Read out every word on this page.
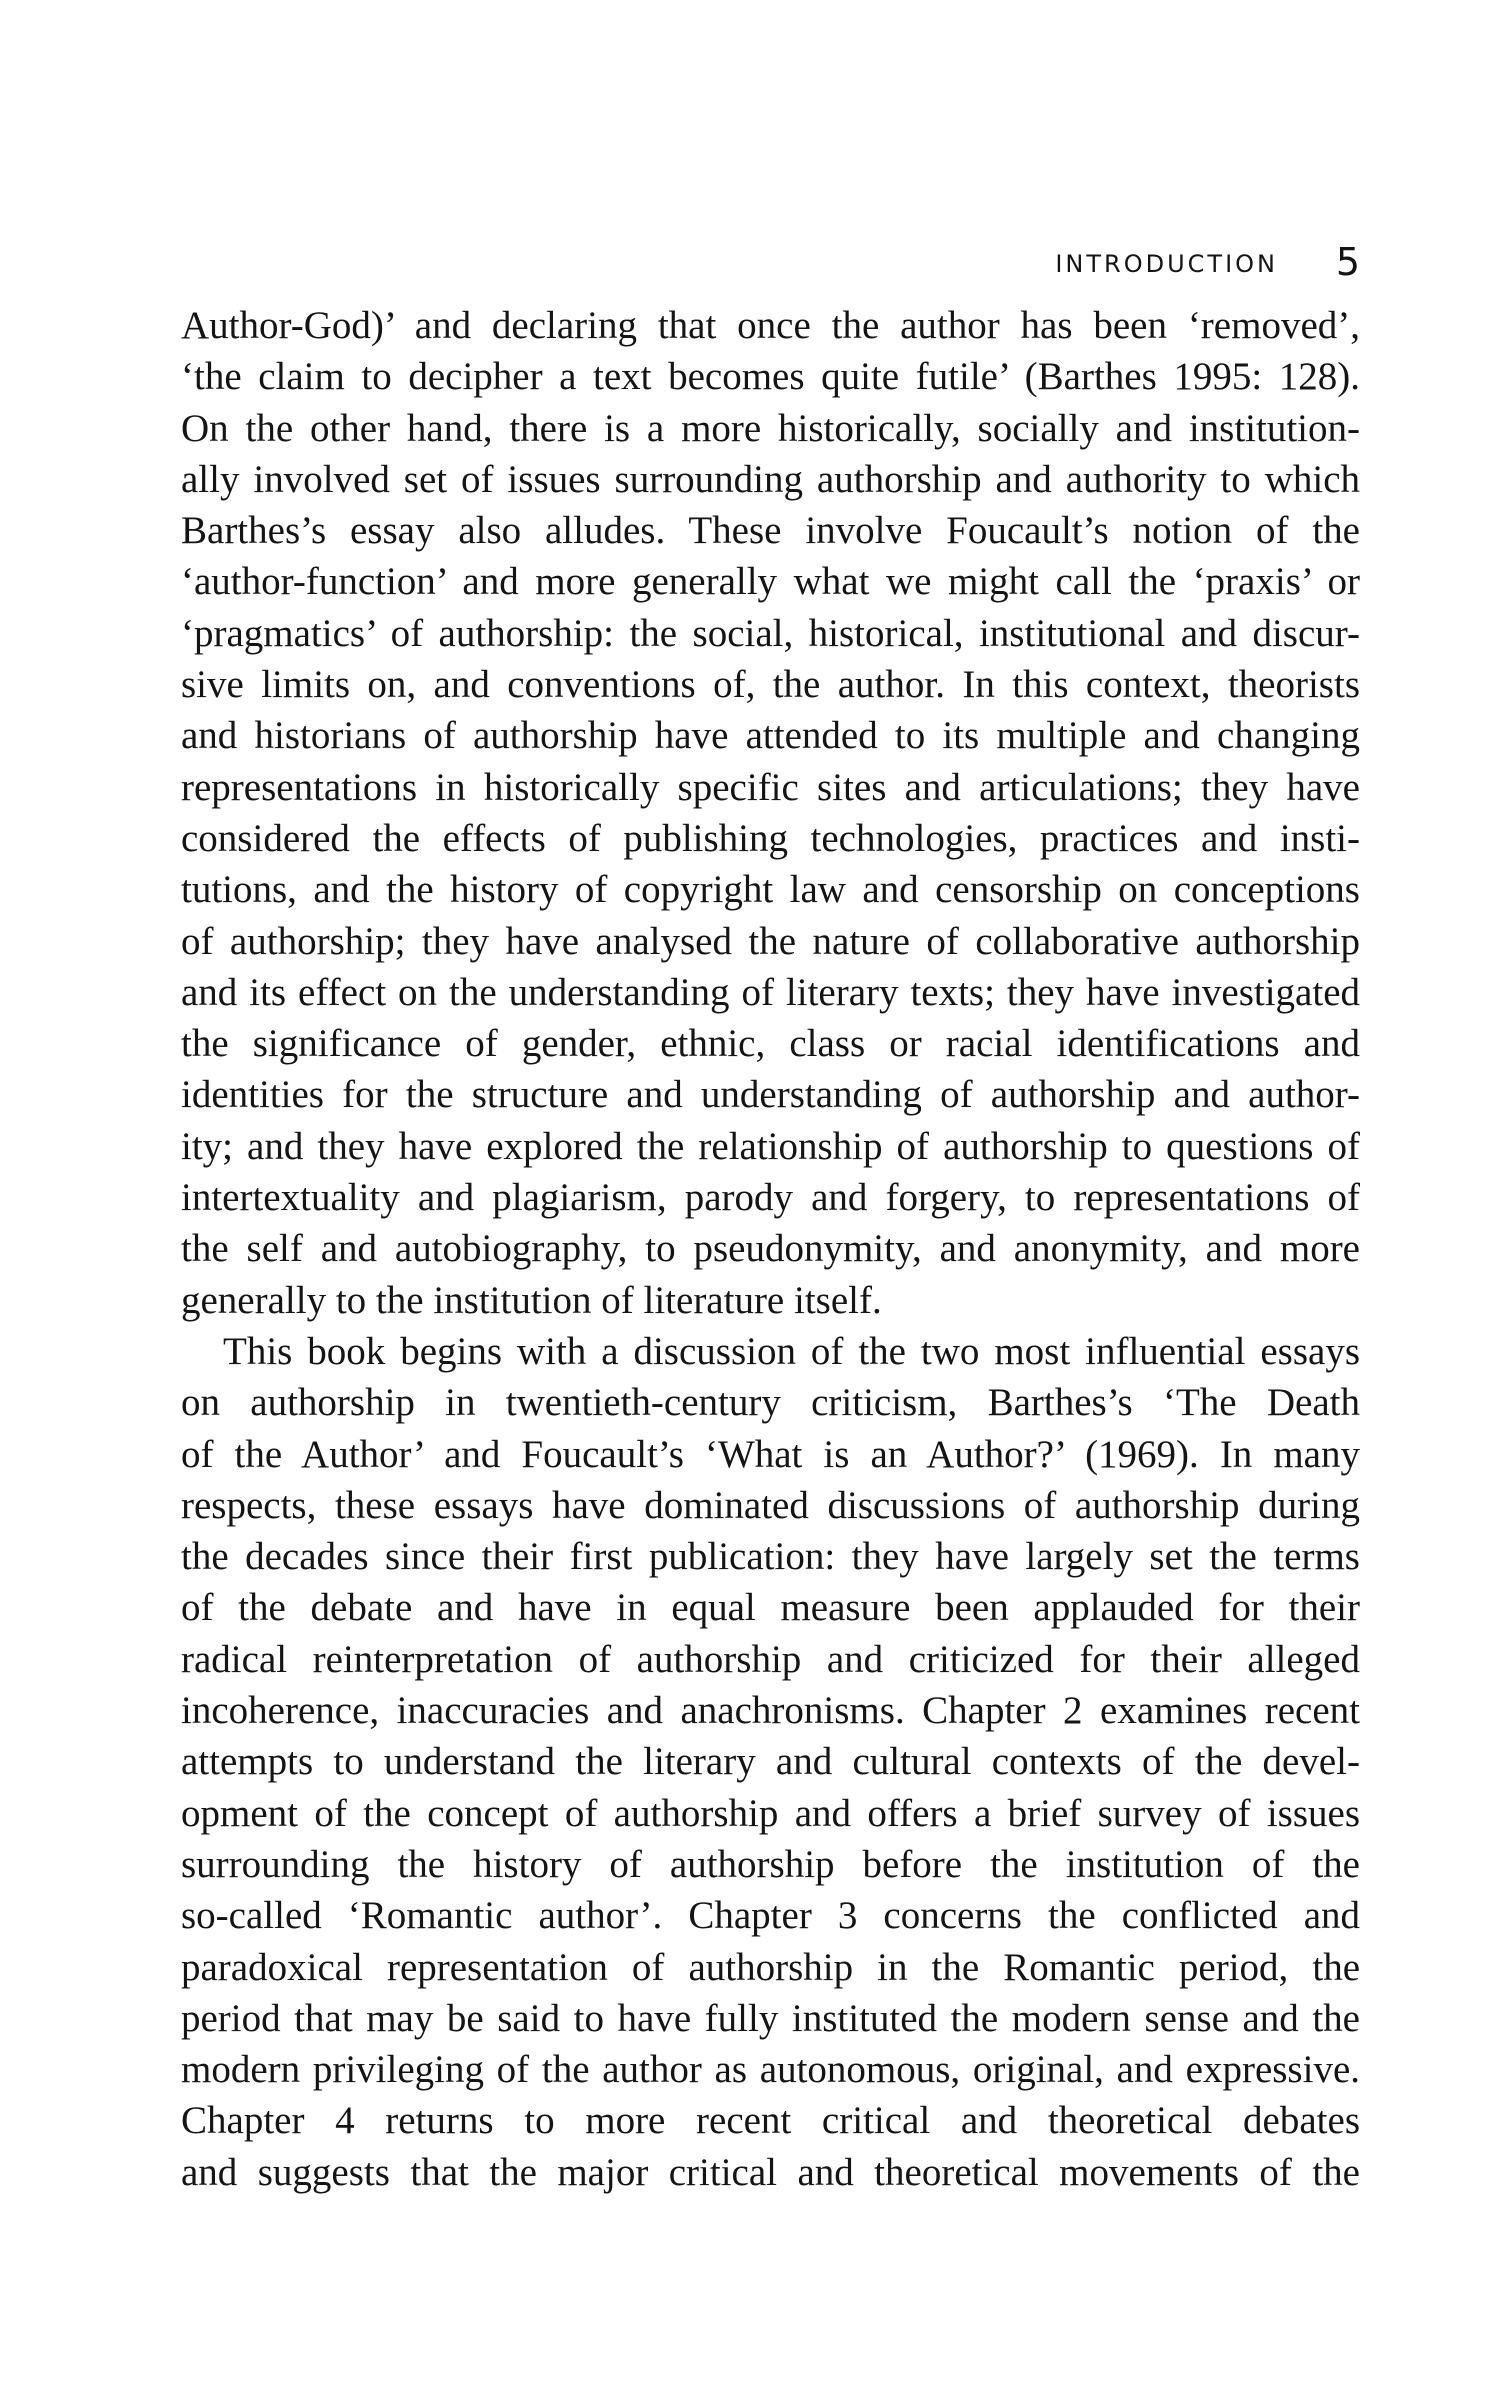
INTRODUCTION 5
Author-God)’ and declaring that once the author has been ‘removed’,
‘the claim to decipher a text becomes quite futile’ (Barthes 1995: 128).
On the other hand, there is a more historically, socially and institution-
ally involved set of issues surrounding authorship and authority to which
Barthes’s essay also alludes. These involve Foucault’s notion of the
‘author-function’ and more generally what we might call the ‘praxis’ or
‘pragmatics’ of authorship: the social, historical, institutional and discur-
sive limits on, and conventions of, the author. In this context, theorists
and historians of authorship have attended to its multiple and changing
representations in historically specific sites and articulations; they have
considered the effects of publishing technologies, practices and insti-
tutions, and the history of copyright law and censorship on conceptions
of authorship; they have analysed the nature of collaborative authorship
and its effect on the understanding of literary texts; they have investigated
the significance of gender, ethnic, class or racial identifications and
identities for the structure and understanding of authorship and author-
ity; and they have explored the relationship of authorship to questions of
intertextuality and plagiarism, parody and forgery, to representations of
the self and autobiography, to pseudonymity, and anonymity, and more
generally to the institution of literature itself.
This book begins with a discussion of the two most influential essays
on authorship in twentieth-century criticism, Barthes’s ‘The Death
of the Author’ and Foucault’s ‘What is an Author?’ (1969). In many
respects, these essays have dominated discussions of authorship during
the decades since their first publication: they have largely set the terms
of the debate and have in equal measure been applauded for their
radical reinterpretation of authorship and criticized for their alleged
incoherence, inaccuracies and anachronisms. Chapter 2 examines recent
attempts to understand the literary and cultural contexts of the devel-
opment of the concept of authorship and offers a brief survey of issues
surrounding the history of authorship before the institution of the
so-called ‘Romantic author’. Chapter 3 concerns the conflicted and
paradoxical representation of authorship in the Romantic period, the
period that may be said to have fully instituted the modern sense and the
modern privileging of the author as autonomous, original, and expressive.
Chapter 4 returns to more recent critical and theoretical debates
and suggests that the major critical and theoretical movements of the
